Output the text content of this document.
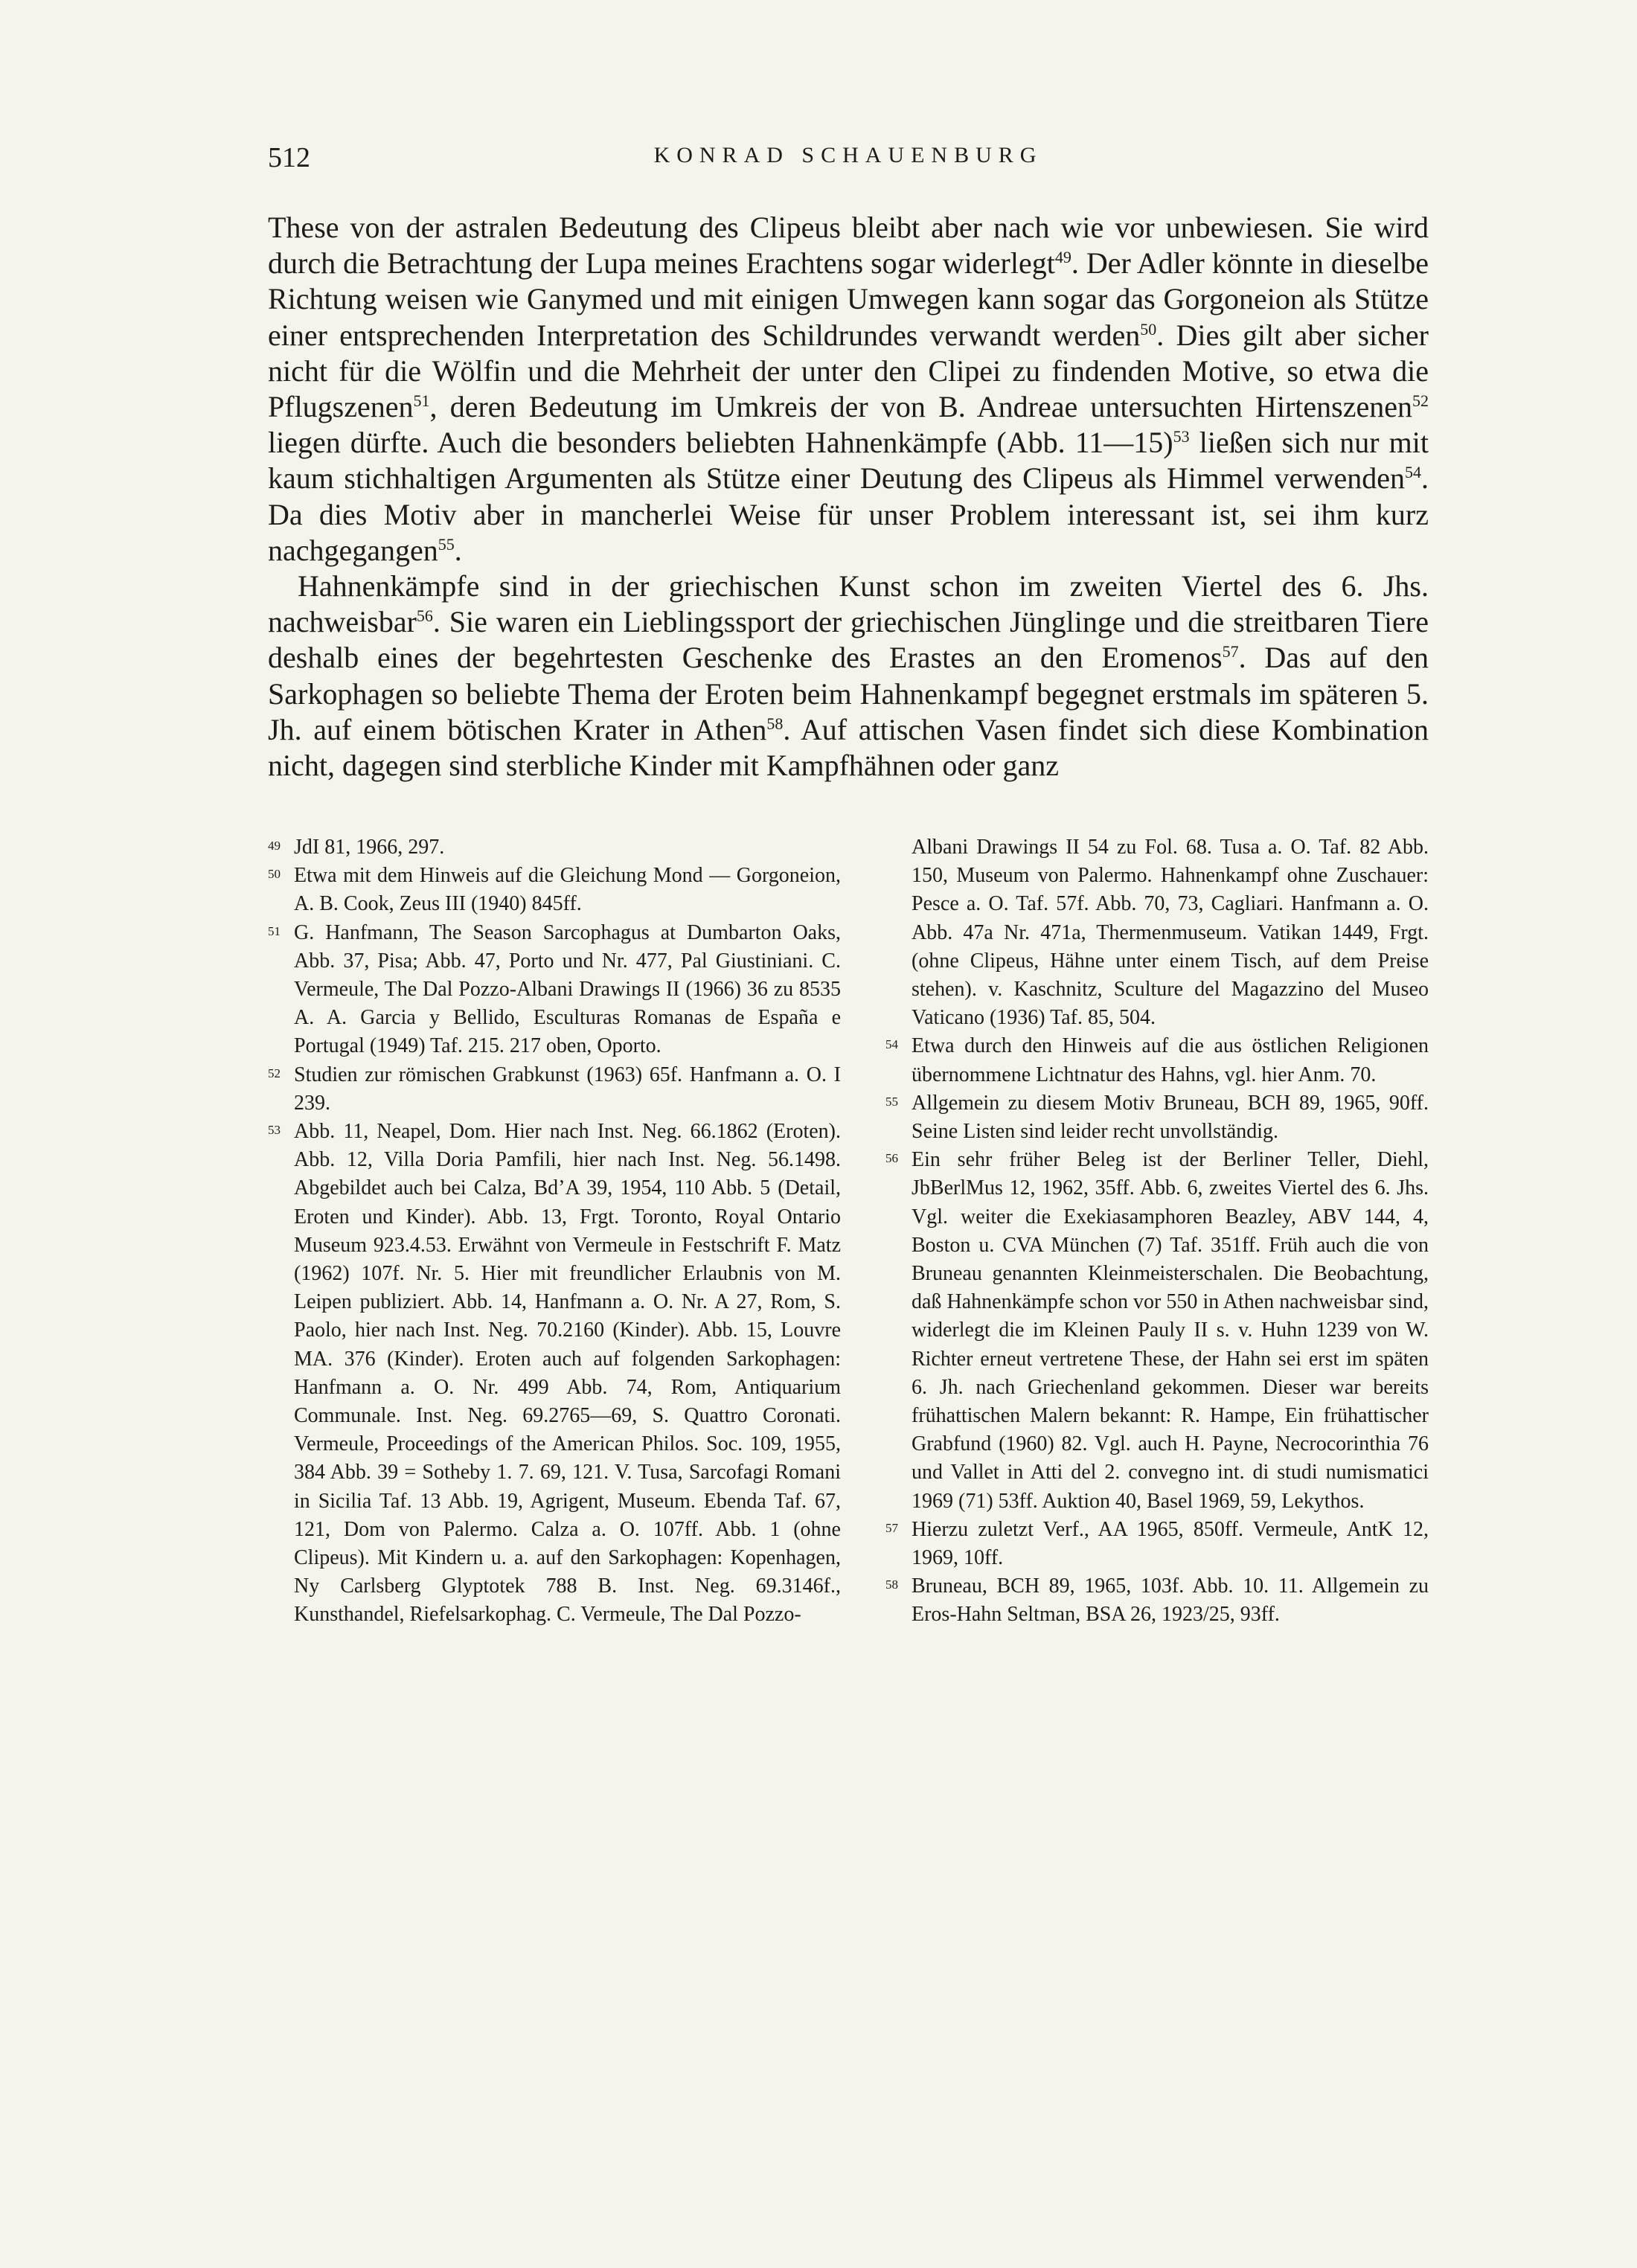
512	KONRAD SCHAUENBURG

These von der astralen Bedeutung des Clipeus bleibt aber nach wie vor unbewiesen. Sie wird durch die Betrachtung der Lupa meines Erachtens sogar widerlegt$^{49}$. Der Adler könnte in dieselbe Richtung weisen wie Ganymed und mit einigen Umwegen kann sogar das Gorgoneion als Stütze einer entsprechenden Interpretation des Schildrundes verwandt werden$^{50}$. Dies gilt aber sicher nicht für die Wölfin und die Mehrheit der unter den Clipei zu findenden Motive, so etwa die Pflugszenen$^{51}$, deren Bedeutung im Umkreis der von B. Andreae untersuchten Hirtenszenen$^{52}$ liegen dürfte. Auch die besonders beliebten Hahnenkämpfe (Abb. 11—15)$^{53}$ ließen sich nur mit kaum stichhaltigen Argumenten als Stütze einer Deutung des Clipeus als Himmel verwenden$^{54}$. Da dies Motiv aber in mancherlei Weise für unser Problem interessant ist, sei ihm kurz nachgegangen$^{55}$.

Hahnenkämpfe sind in der griechischen Kunst schon im zweiten Viertel des 6. Jhs. nachweisbar$^{56}$. Sie waren ein Lieblingssport der griechischen Jünglinge und die streitbaren Tiere deshalb eines der begehrtesten Geschenke des Erastes an den Eromenos$^{57}$. Das auf den Sarkophagen so beliebte Thema der Eroten beim Hahnenkampf begegnet erstmals im späteren 5. Jh. auf einem bötischen Krater in Athen$^{58}$. Auf attischen Vasen findet sich diese Kombination nicht, dagegen sind sterbliche Kinder mit Kampfhähnen oder ganz

49 JdI 81, 1966, 297.
50 Etwa mit dem Hinweis auf die Gleichung Mond — Gorgoneion, A. B. Cook, Zeus III (1940) 845ff.
51 G. Hanfmann, The Season Sarcophagus at Dumbarton Oaks, Abb. 37, Pisa; Abb. 47, Porto und Nr. 477, Pal Giustiniani. C. Vermeule, The Dal Pozzo-Albani Drawings II (1966) 36 zu 8535 A. A. Garcia y Bellido, Esculturas Romanas de España e Portugal (1949) Taf. 215. 217 oben, Oporto.
52 Studien zur römischen Grabkunst (1963) 65f. Hanfmann a. O. I 239.
53 Abb. 11, Neapel, Dom. Hier nach Inst. Neg. 66.1862 (Eroten). Abb. 12, Villa Doria Pamfili, hier nach Inst. Neg. 56.1498. Abgebildet auch bei Calza, Bd’A 39, 1954, 110 Abb. 5 (Detail, Eroten und Kinder). Abb. 13, Frgt. Toronto, Royal Ontario Museum 923.4.53. Erwähnt von Vermeule in Festschrift F. Matz (1962) 107f. Nr. 5. Hier mit freundlicher Erlaubnis von M. Leipen publiziert. Abb. 14, Hanfmann a. O. Nr. A 27, Rom, S. Paolo, hier nach Inst. Neg. 70.2160 (Kinder). Abb. 15, Louvre MA. 376 (Kinder). Eroten auch auf folgenden Sarkophagen: Hanfmann a. O. Nr. 499 Abb. 74, Rom, Antiquarium Communale. Inst. Neg. 69.2765—69, S. Quattro Coronati. Vermeule, Proceedings of the American Philos. Soc. 109, 1955, 384 Abb. 39 = Sotheby 1. 7. 69, 121. V. Tusa, Sarcofagi Romani in Sicilia Taf. 13 Abb. 19, Agrigent, Museum. Ebenda Taf. 67, 121, Dom von Palermo. Calza a. O. 107ff. Abb. 1 (ohne Clipeus). Mit Kindern u. a. auf den Sarkophagen: Kopenhagen, Ny Carlsberg Glyptotek 788 B. Inst. Neg. 69.3146f., Kunsthandel, Riefelsarkophag. C. Vermeule, The Dal Pozzo-
Albani Drawings II 54 zu Fol. 68. Tusa a. O. Taf. 82 Abb. 150, Museum von Palermo. Hahnenkampf ohne Zuschauer: Pesce a. O. Taf. 57f. Abb. 70, 73, Cagliari. Hanfmann a. O. Abb. 47a Nr. 471a, Thermenmuseum. Vatikan 1449, Frgt. (ohne Clipeus, Hähne unter einem Tisch, auf dem Preise stehen). v. Kaschnitz, Sculture del Magazzino del Museo Vaticano (1936) Taf. 85, 504.
54 Etwa durch den Hinweis auf die aus östlichen Religionen übernommene Lichtnatur des Hahns, vgl. hier Anm. 70.
55 Allgemein zu diesem Motiv Bruneau, BCH 89, 1965, 90ff. Seine Listen sind leider recht unvollständig.
56 Ein sehr früher Beleg ist der Berliner Teller, Diehl, JbBerlMus 12, 1962, 35ff. Abb. 6, zweites Viertel des 6. Jhs. Vgl. weiter die Exekiasamphoren Beazley, ABV 144, 4, Boston u. CVA München (7) Taf. 351ff. Früh auch die von Bruneau genannten Kleinmeisterschalen. Die Beobachtung, daß Hahnenkämpfe schon vor 550 in Athen nachweisbar sind, widerlegt die im Kleinen Pauly II s. v. Huhn 1239 von W. Richter erneut vertretene These, der Hahn sei erst im späten 6. Jh. nach Griechenland gekommen. Dieser war bereits frühattischen Malern bekannt: R. Hampe, Ein frühattischer Grabfund (1960) 82. Vgl. auch H. Payne, Necrocorinthia 76 und Vallet in Atti del 2. convegno int. di studi numismatici 1969 (71) 53ff. Auktion 40, Basel 1969, 59, Lekythos.
57 Hierzu zuletzt Verf., AA 1965, 850ff. Vermeule, AntK 12, 1969, 10ff.
58 Bruneau, BCH 89, 1965, 103f. Abb. 10. 11. Allgemein zu Eros-Hahn Seltman, BSA 26, 1923/25, 93ff.
